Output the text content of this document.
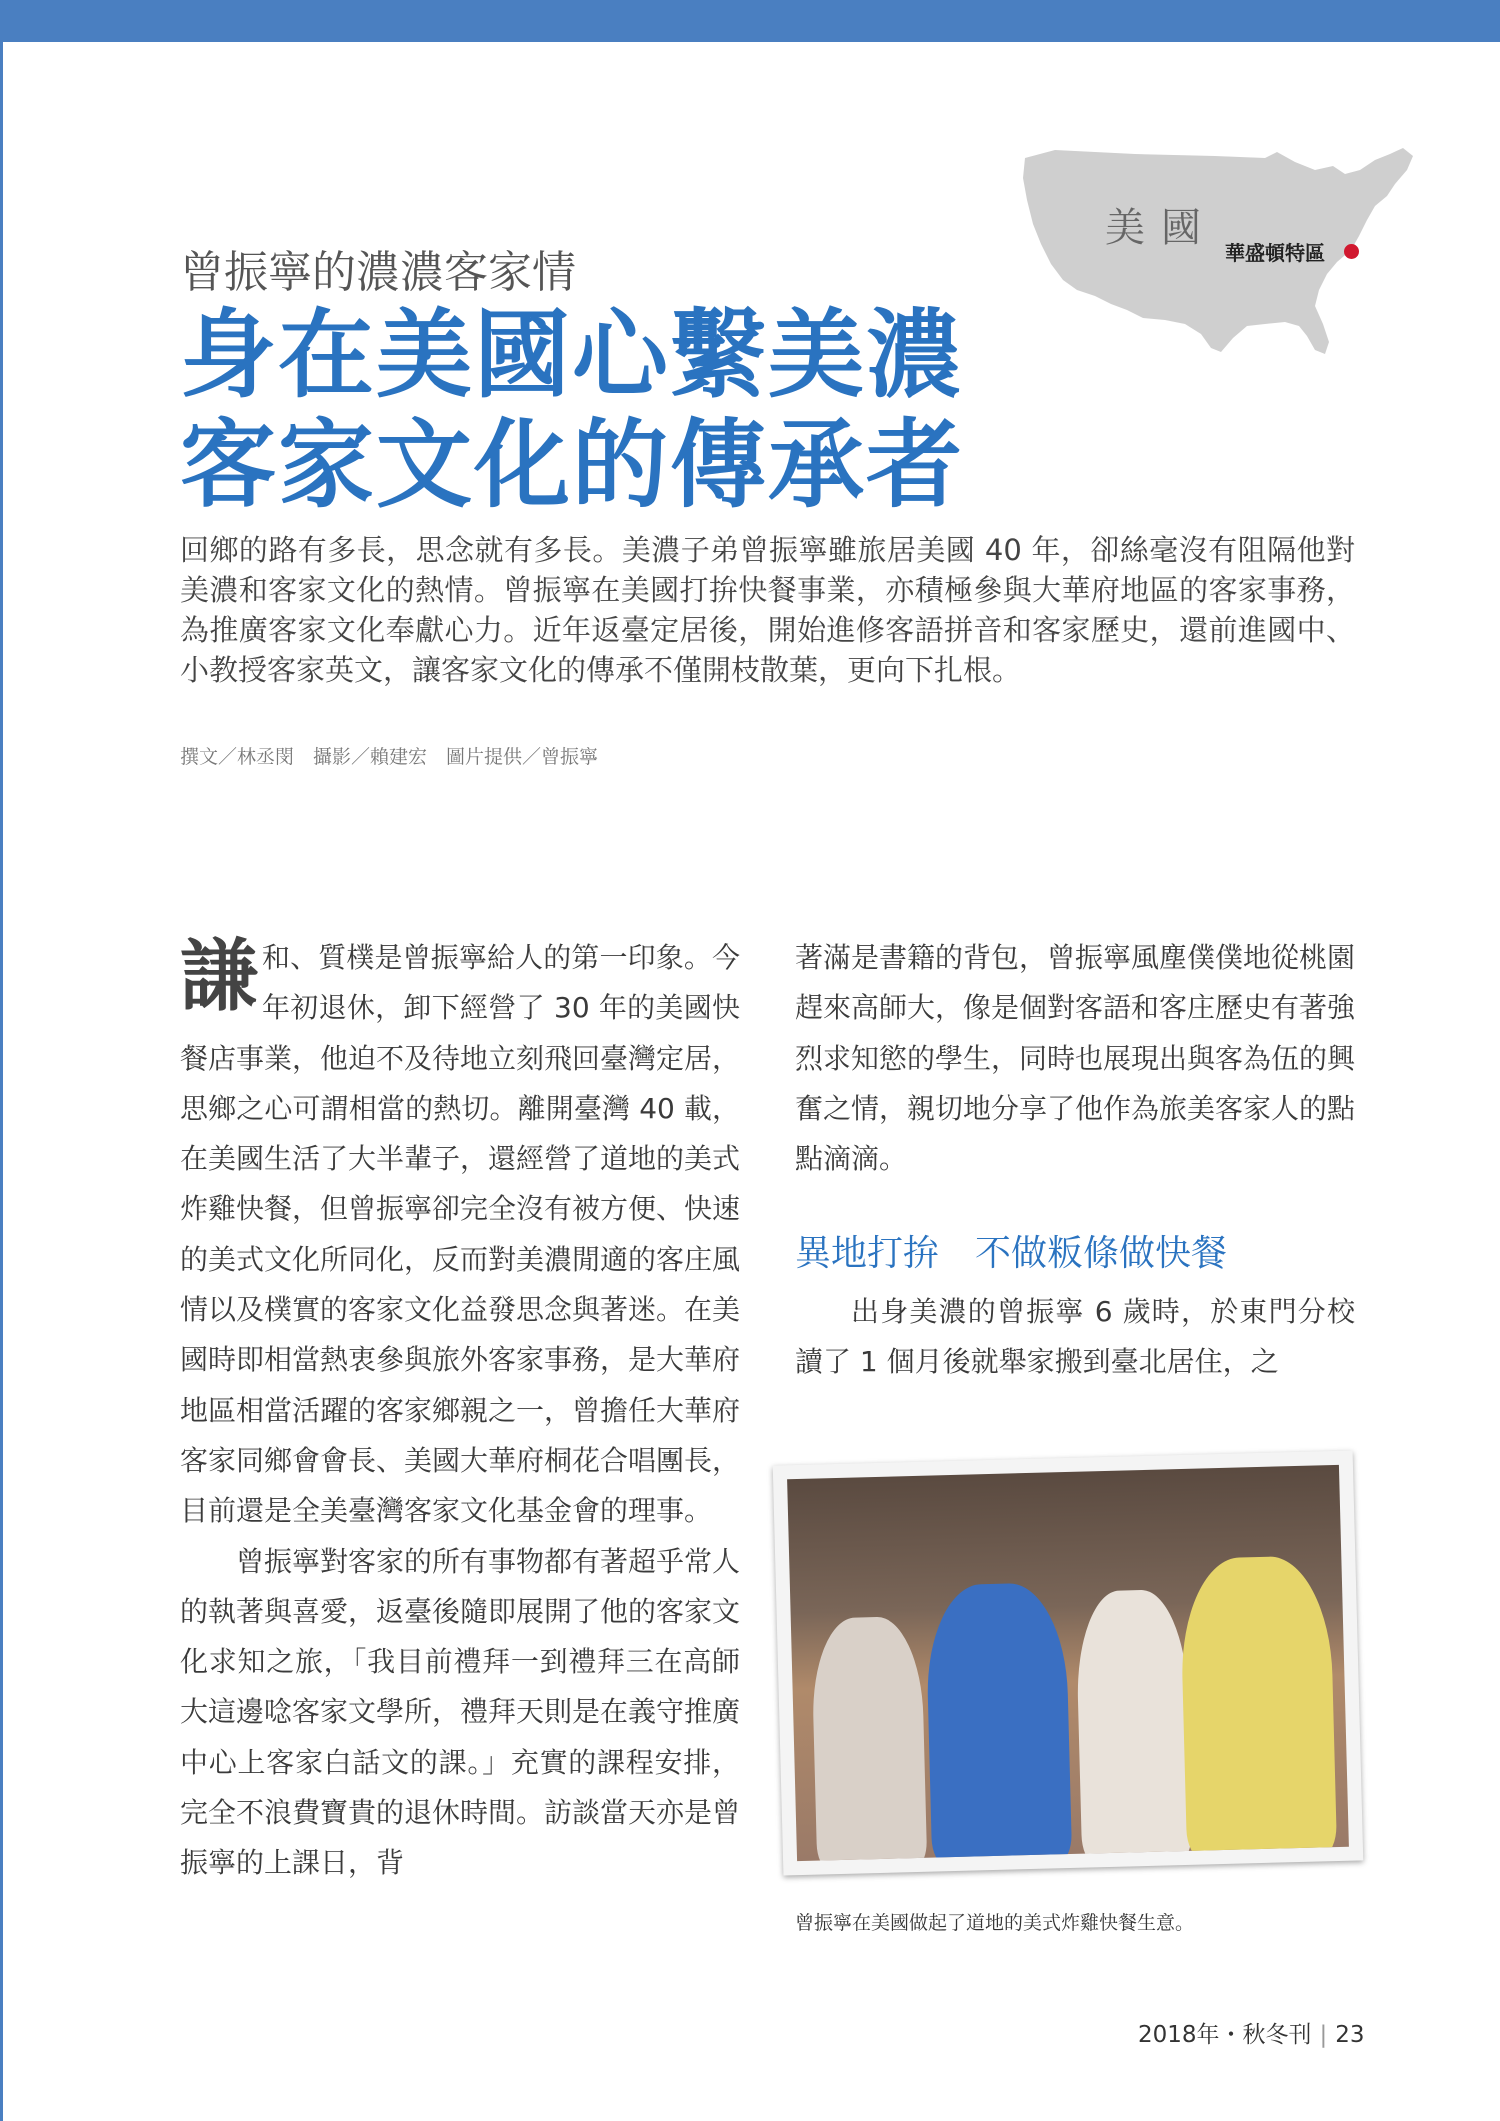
美國
華盛頓特區
曾振寧的濃濃客家情
身在美國心繫美濃
客家文化的傳承者
回鄉的路有多長，思念就有多長。美濃子弟曾振寧雖旅居美國 40 年，卻絲毫沒有阻隔他對美濃和客家文化的熱情。曾振寧在美國打拚快餐事業，亦積極參與大華府地區的客家事務，為推廣客家文化奉獻心力。近年返臺定居後，開始進修客語拼音和客家歷史，還前進國中、小教授客家英文，讓客家文化的傳承不僅開枝散葉，更向下扎根。
撰文／林丞閔　攝影／賴建宏　圖片提供／曾振寧
謙 和、質樸是曾振寧給人的第一印象。今年初退休，卸下經營了 30 年的美國快餐店事業，他迫不及待地立刻飛回臺灣定居，思鄉之心可謂相當的熱切。離開臺灣 40 載，在美國生活了大半輩子，還經營了道地的美式炸雞快餐，但曾振寧卻完全沒有被方便、快速的美式文化所同化，反而對美濃閒適的客庄風情以及樸實的客家文化益發思念與著迷。在美國時即相當熱衷參與旅外客家事務，是大華府地區相當活躍的客家鄉親之一，曾擔任大華府客家同鄉會會長、美國大華府桐花合唱團長，目前還是全美臺灣客家文化基金會的理事。

曾振寧對客家的所有事物都有著超乎常人的執著與喜愛，返臺後隨即展開了他的客家文化求知之旅，「我目前禮拜一到禮拜三在高師大這邊唸客家文學所，禮拜天則是在義守推廣中心上客家白話文的課。」充實的課程安排，完全不浪費寶貴的退休時間。訪談當天亦是曾振寧的上課日，背

著滿是書籍的背包，曾振寧風塵僕僕地從桃園趕來高師大，像是個對客語和客庄歷史有著強烈求知慾的學生，同時也展現出與客為伍的興奮之情，親切地分享了他作為旅美客家人的點點滴滴。

異地打拚　不做粄條做快餐

出身美濃的曾振寧 6 歲時，於東門分校讀了 1 個月後就舉家搬到臺北居住，之

曾振寧在美國做起了道地的美式炸雞快餐生意。
2018年・秋冬刊 | 23
